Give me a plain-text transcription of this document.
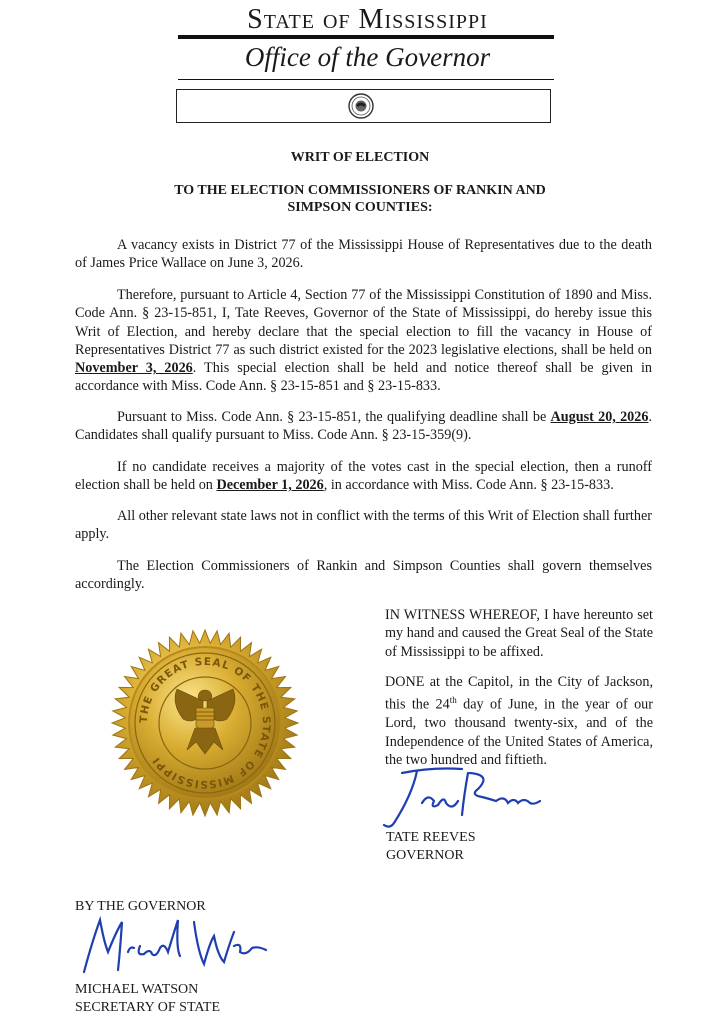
State of Mississippi
Office of the Governor
WRIT OF ELECTION
TO THE ELECTION COMMISSIONERS OF RANKIN AND
SIMPSON COUNTIES:
A vacancy exists in District 77 of the Mississippi House of Representatives due to the death of James Price Wallace on June 3, 2026.
Therefore, pursuant to Article 4, Section 77 of the Mississippi Constitution of 1890 and Miss. Code Ann. § 23-15-851, I, Tate Reeves, Governor of the State of Mississippi, do hereby issue this Writ of Election, and hereby declare that the special election to fill the vacancy in House of Representatives District 77 as such district existed for the 2023 legislative elections, shall be held on November 3, 2026. This special election shall be held and notice thereof shall be given in accordance with Miss. Code Ann. § 23-15-851 and § 23-15-833.
Pursuant to Miss. Code Ann. § 23-15-851, the qualifying deadline shall be August 20, 2026. Candidates shall qualify pursuant to Miss. Code Ann. § 23-15-359(9).
If no candidate receives a majority of the votes cast in the special election, then a runoff election shall be held on December 1, 2026, in accordance with Miss. Code Ann. § 23-15-833.
All other relevant state laws not in conflict with the terms of this Writ of Election shall further apply.
The Election Commissioners of Rankin and Simpson Counties shall govern themselves accordingly.
IN WITNESS WHEREOF, I have hereunto set my hand and caused the Great Seal of the State of Mississippi to be affixed.
DONE at the Capitol, in the City of Jackson, this the 24th day of June, in the year of our Lord, two thousand twenty-six, and of the Independence of the United States of America, the two hundred and fiftieth.
THE GREAT SEAL OF THE STATE OF MISSISSIPPI
TATE REEVES
GOVERNOR
BY THE GOVERNOR
MICHAEL WATSON
SECRETARY OF STATE
